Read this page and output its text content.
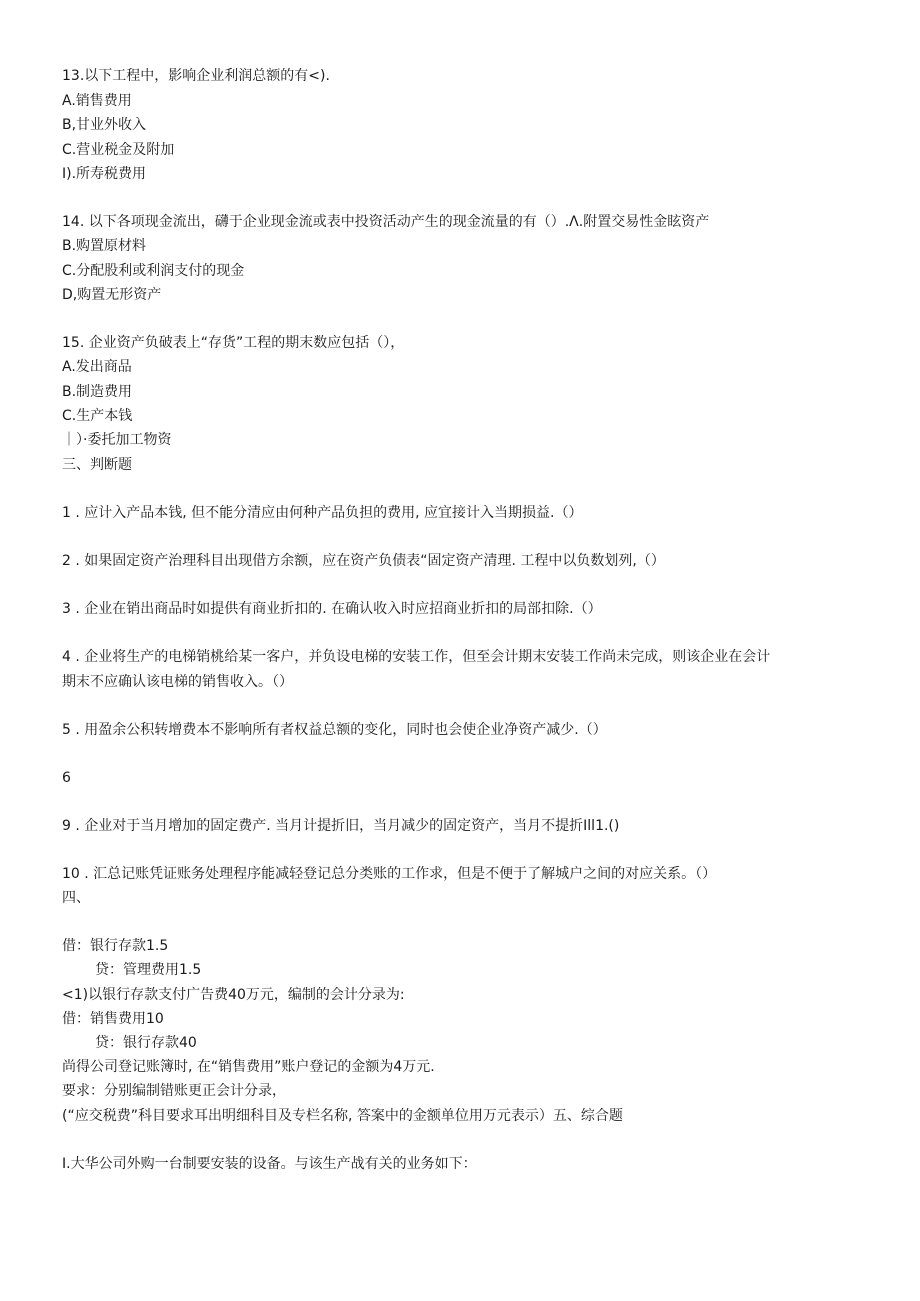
13.以下工程中，影响企业利润总额的有<).
A.销售费用
B,甘业外收入
C.营业税金及附加
I).所寿税费用
14. 以下各项现金流出，礴于企业现金流或表中投资活动产生的现金流量的有（）.Λ.附置交易性金眩资产
B.购置原材料
C.分配股利或利润支付的现金
D,购置无形资产
15. 企业资产负破表上“存货”工程的期末数应包括（），
A.发出商品
B.制造费用
C.生产本钱
｜）·委托加工物资
三、判断题
1 . 应计入产品本钱, 但不能分清应由何种产品负担的费用, 应宜接计入当期损益.（）
2 . 如果固定资产治理科目出现借方余额，应在资产负债表“固定资产清理. 工程中以负数划列,（）
3 . 企业在销出商品时如提供有商业折扣的. 在确认收入时应招商业折扣的局部扣除.（）
4 . 企业将生产的电梯销桃给某一客户，并负设电梯的安装工作，但至会计期末安装工作尚未完成，则该企业在会计
期末不应确认该电梯的销售收入。（）
5 . 用盈余公积转增费本不影响所有者权益总额的变化，同时也会使企业净资产减少.（）
6
9 . 企业对于当月增加的固定费产. 当月计提折旧，当月减少的固定资产，当月不提折Ill1.()
10 . 汇总记账凭证账务处理程序能减轻登记总分类账的工作求，但是不便于了解城户之间的对应关系。（）
四、
借：银行存款1.5
贷：管理费用1.5
<1)以银行存款支付广告费40万元，编制的会计分录为:
借：销售费用10
贷：银行存款40
尚得公司登记账簿时, 在“销售费用”账户登记的金额为4万元.
要求：分别编制错账更正会计分录，
(“应交税费”科目要求耳出明细科目及专栏名称, 答案中的金额单位用万元表示）五、综合题
I.大华公司外购一台制要安装的设备。与该生产战有关的业务如下：
